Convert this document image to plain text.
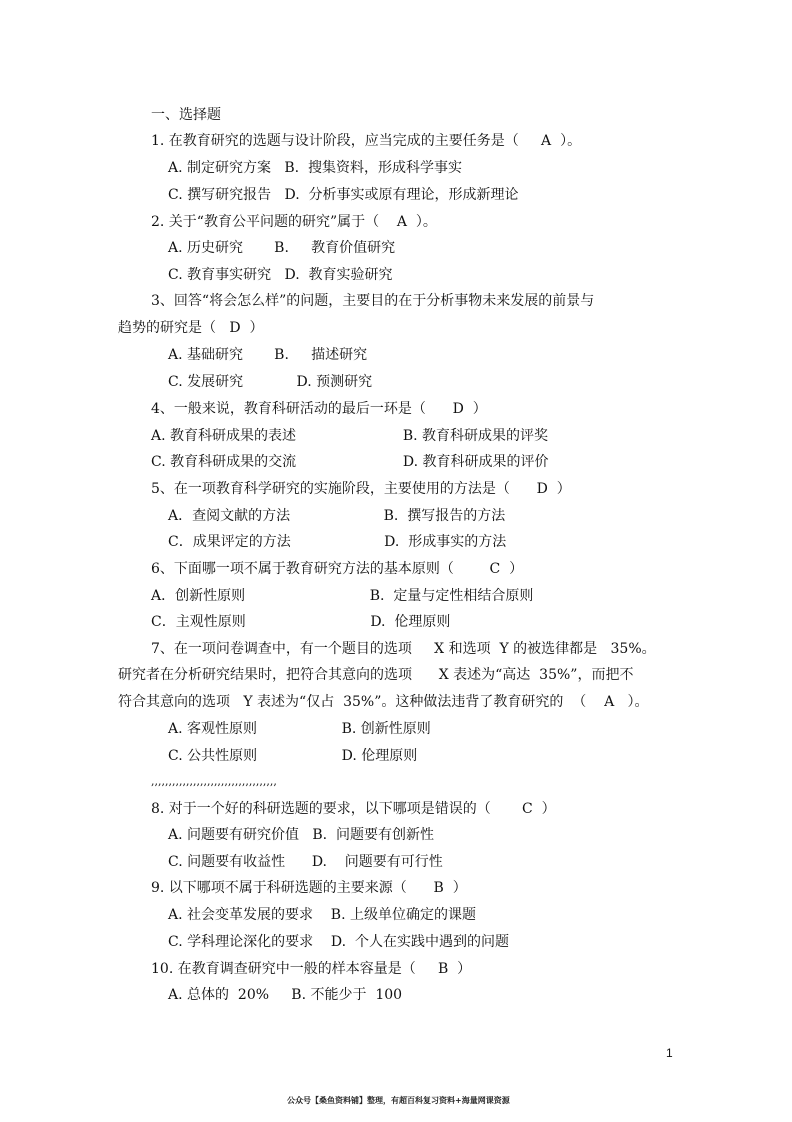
一、选择题
1. 在教育研究的选题与设计阶段，应当完成的主要任务是（     A  ）。
A. 制定研究方案   B.  搜集资料，形成科学事实
C. 撰写研究报告   D.  分析事实或原有理论，形成新理论
2. 关于“教育公平问题的研究”属于（    A  ）。
A. 历史研究       B.     教育价值研究
C. 教育事实研究   D.  教育实验研究
3、回答“将会怎么样”的问题，主要目的在于分析事物未来发展的前景与
趋势的研究是（   D  ）
A. 基础研究       B.     描述研究
C. 发展研究            D. 预测研究
4、一般来说，教育科研活动的最后一环是（      D  ）
A. 教育科研成果的表述                        B. 教育科研成果的评奖
C. 教育科研成果的交流                        D. 教育科研成果的评价
5、在一项教育科学研究的实施阶段，主要使用的方法是（      D  ）
A．查阅文献的方法                     B.  撰写报告的方法
C．成果评定的方法                     D.  形成事实的方法
6、下面哪一项不属于教育研究方法的基本原则（        C  ）
A．创新性原则                            B.  定量与定性相结合原则
C．主观性原则                            D.  伦理原则
7、在一项问卷调查中，有一个题目的选项     X 和选项  Y 的被选律都是   35%。
研究者在分析研究结果时，把符合其意向的选项      X 表述为“高达  35%”，而把不
符合其意向的选项   Y 表述为“仅占  35%”。这种做法违背了教育研究的  （    A   ）。
A. 客观性原则                   B. 创新性原则
C. 公共性原则                   D. 伦理原则
,,,,,,,,,,,,,,,,,,,,,,,,,,,,,,,,,,,,
8. 对于一个好的科研选题的要求，以下哪项是错误的（       C  ）
A. 问题要有研究价值   B.  问题要有创新性
C. 问题要有收益性      D.    问题要有可行性
9. 以下哪项不属于科研选题的主要来源（      B  ）
A. 社会变革发展的要求    B. 上级单位确定的课题
C. 学科理论深化的要求    D.  个人在实践中遇到的问题
10. 在教育调查研究中一般的样本容量是（     B  ）
A. 总体的  20%     B. 不能少于  100
1
公众号【桑鱼资料铺】整理，有超百科复习资料+海量网课资源
